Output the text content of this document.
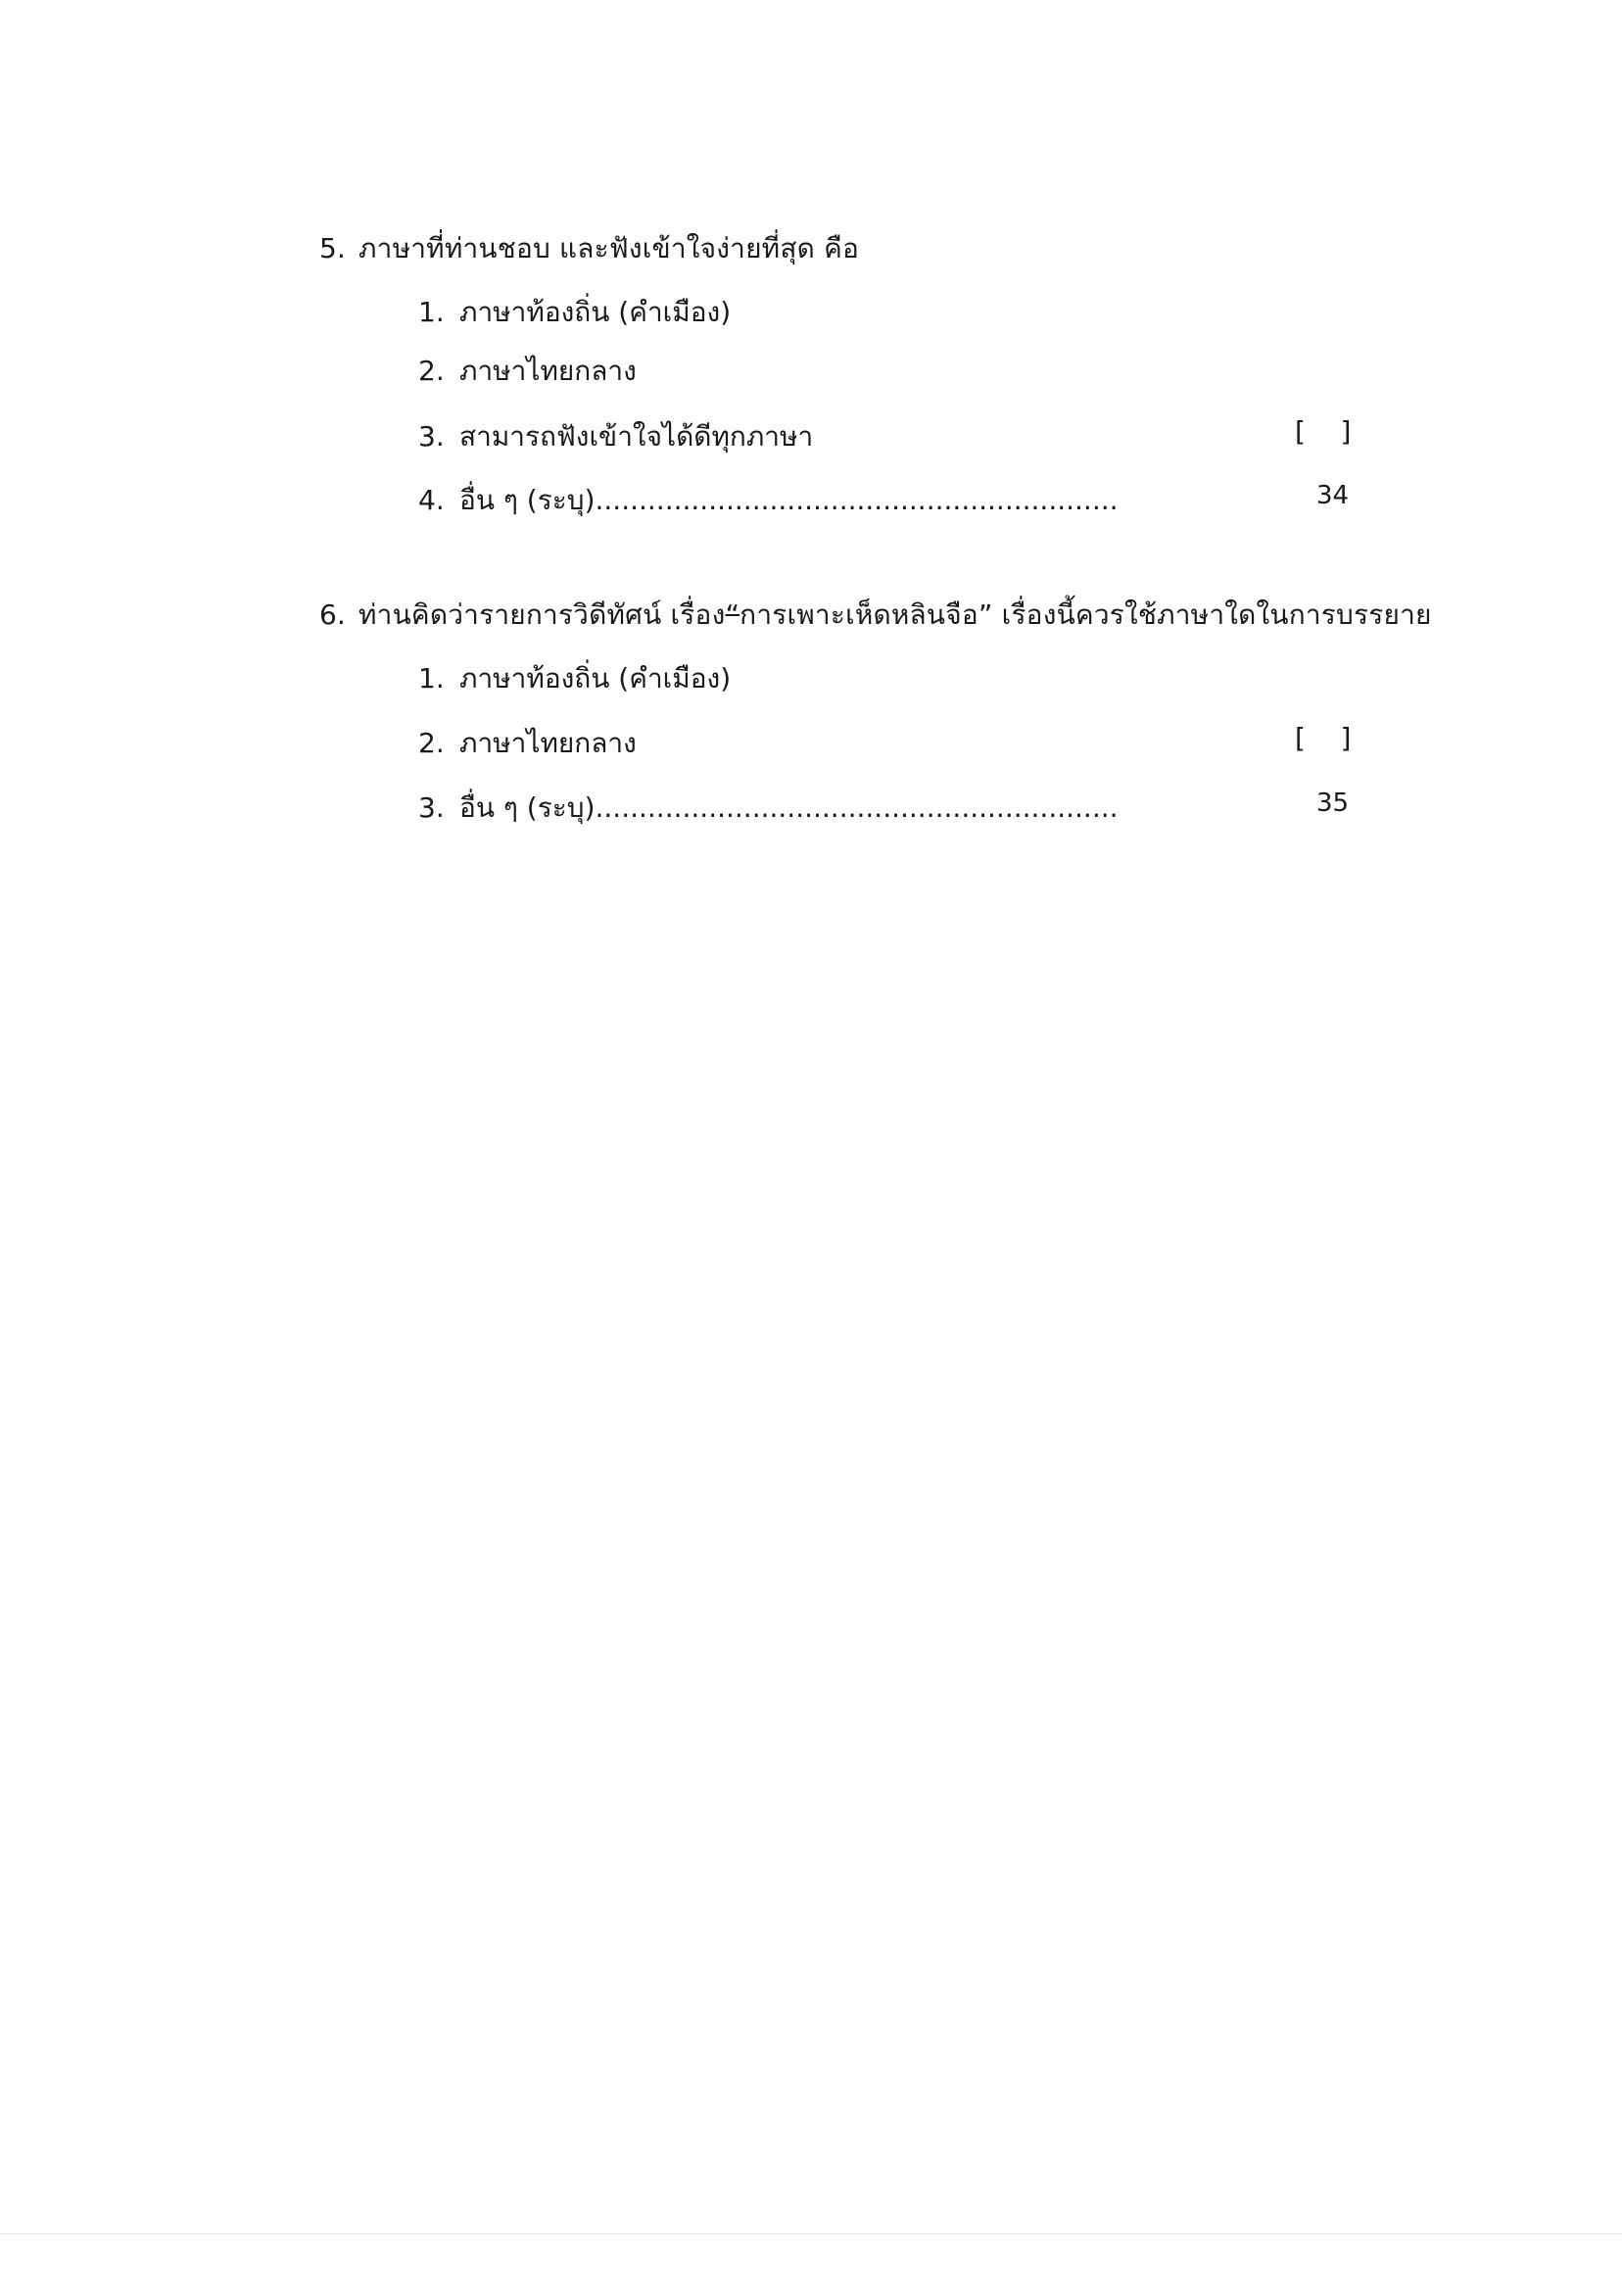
5. ภาษาที่ท่านชอบ และฟังเข้าใจง่ายที่สุด คือ
1. ภาษาท้องถิ่น (คำเมือง)
2. ภาษาไทยกลาง
3. สามารถฟังเข้าใจได้ดีทุกภาษา	[    ]
4. อื่น ๆ (ระบุ)............................................................	34
6. ท่านคิดว่ารายการวิดีทัศน์ เรื่อง“การเพาะเห็ดหลินจือ” เรื่องนี้ควรใช้ภาษาใดในการบรรยาย
1. ภาษาท้องถิ่น (คำเมือง)
2. ภาษาไทยกลาง	[    ]
3. อื่น ๆ (ระบุ)............................................................	35
